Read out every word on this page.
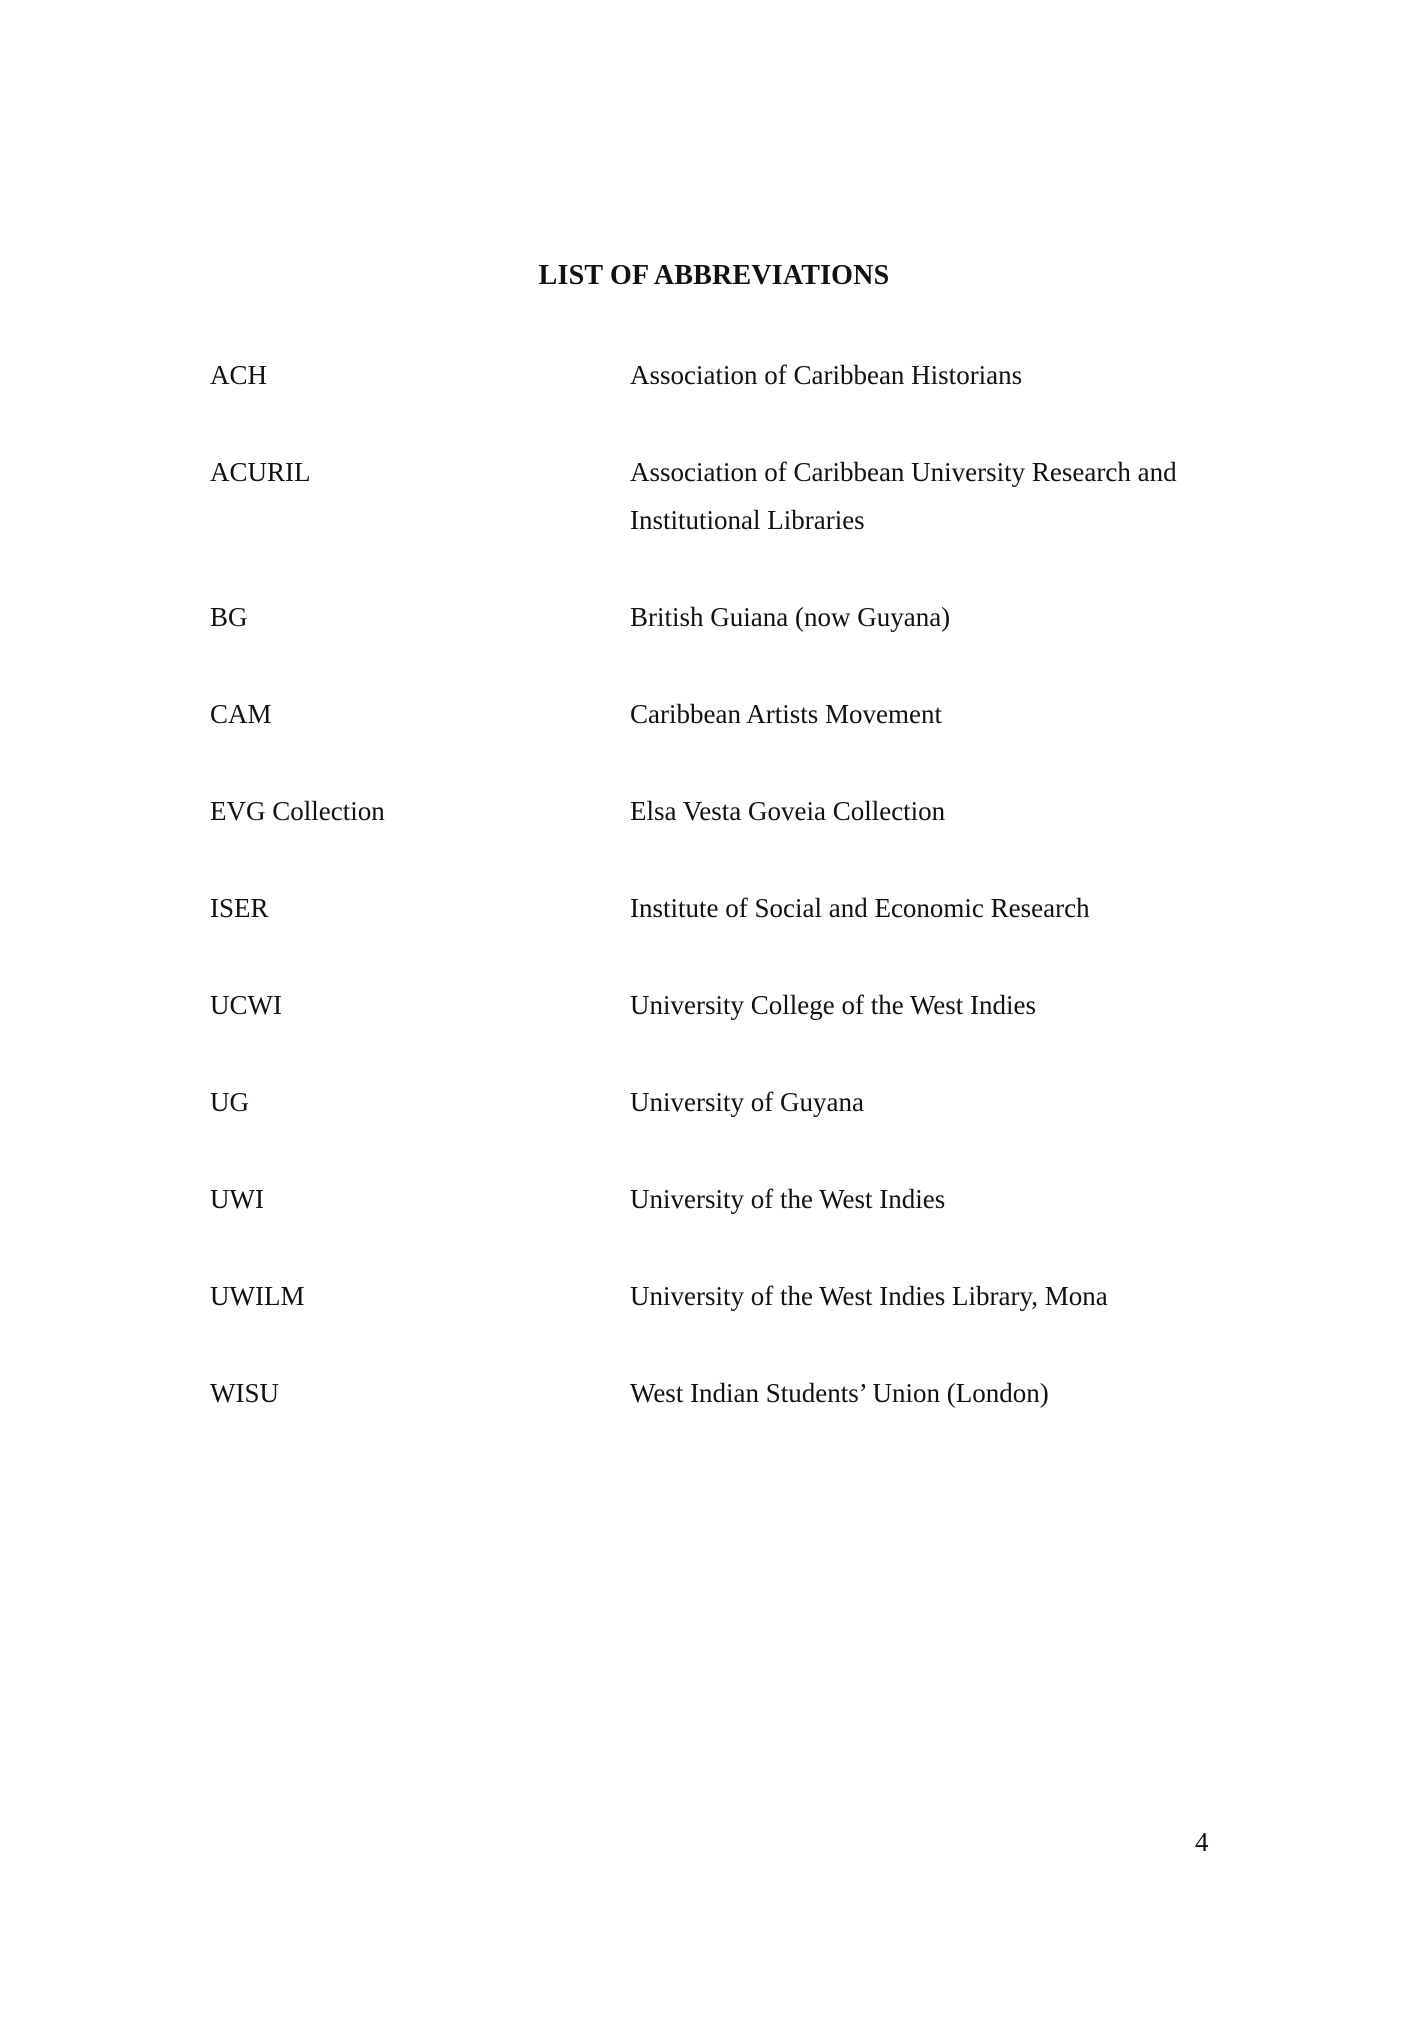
LIST OF ABBREVIATIONS
ACH	Association of Caribbean Historians
ACURIL	Association of Caribbean University Research and Institutional Libraries
BG	British Guiana (now Guyana)
CAM	Caribbean Artists Movement
EVG Collection	Elsa Vesta Goveia Collection
ISER	Institute of Social and Economic Research
UCWI	University College of the West Indies
UG	University of Guyana
UWI	University of the West Indies
UWILM	University of the West Indies Library, Mona
WISU	West Indian Students’ Union (London)
4
